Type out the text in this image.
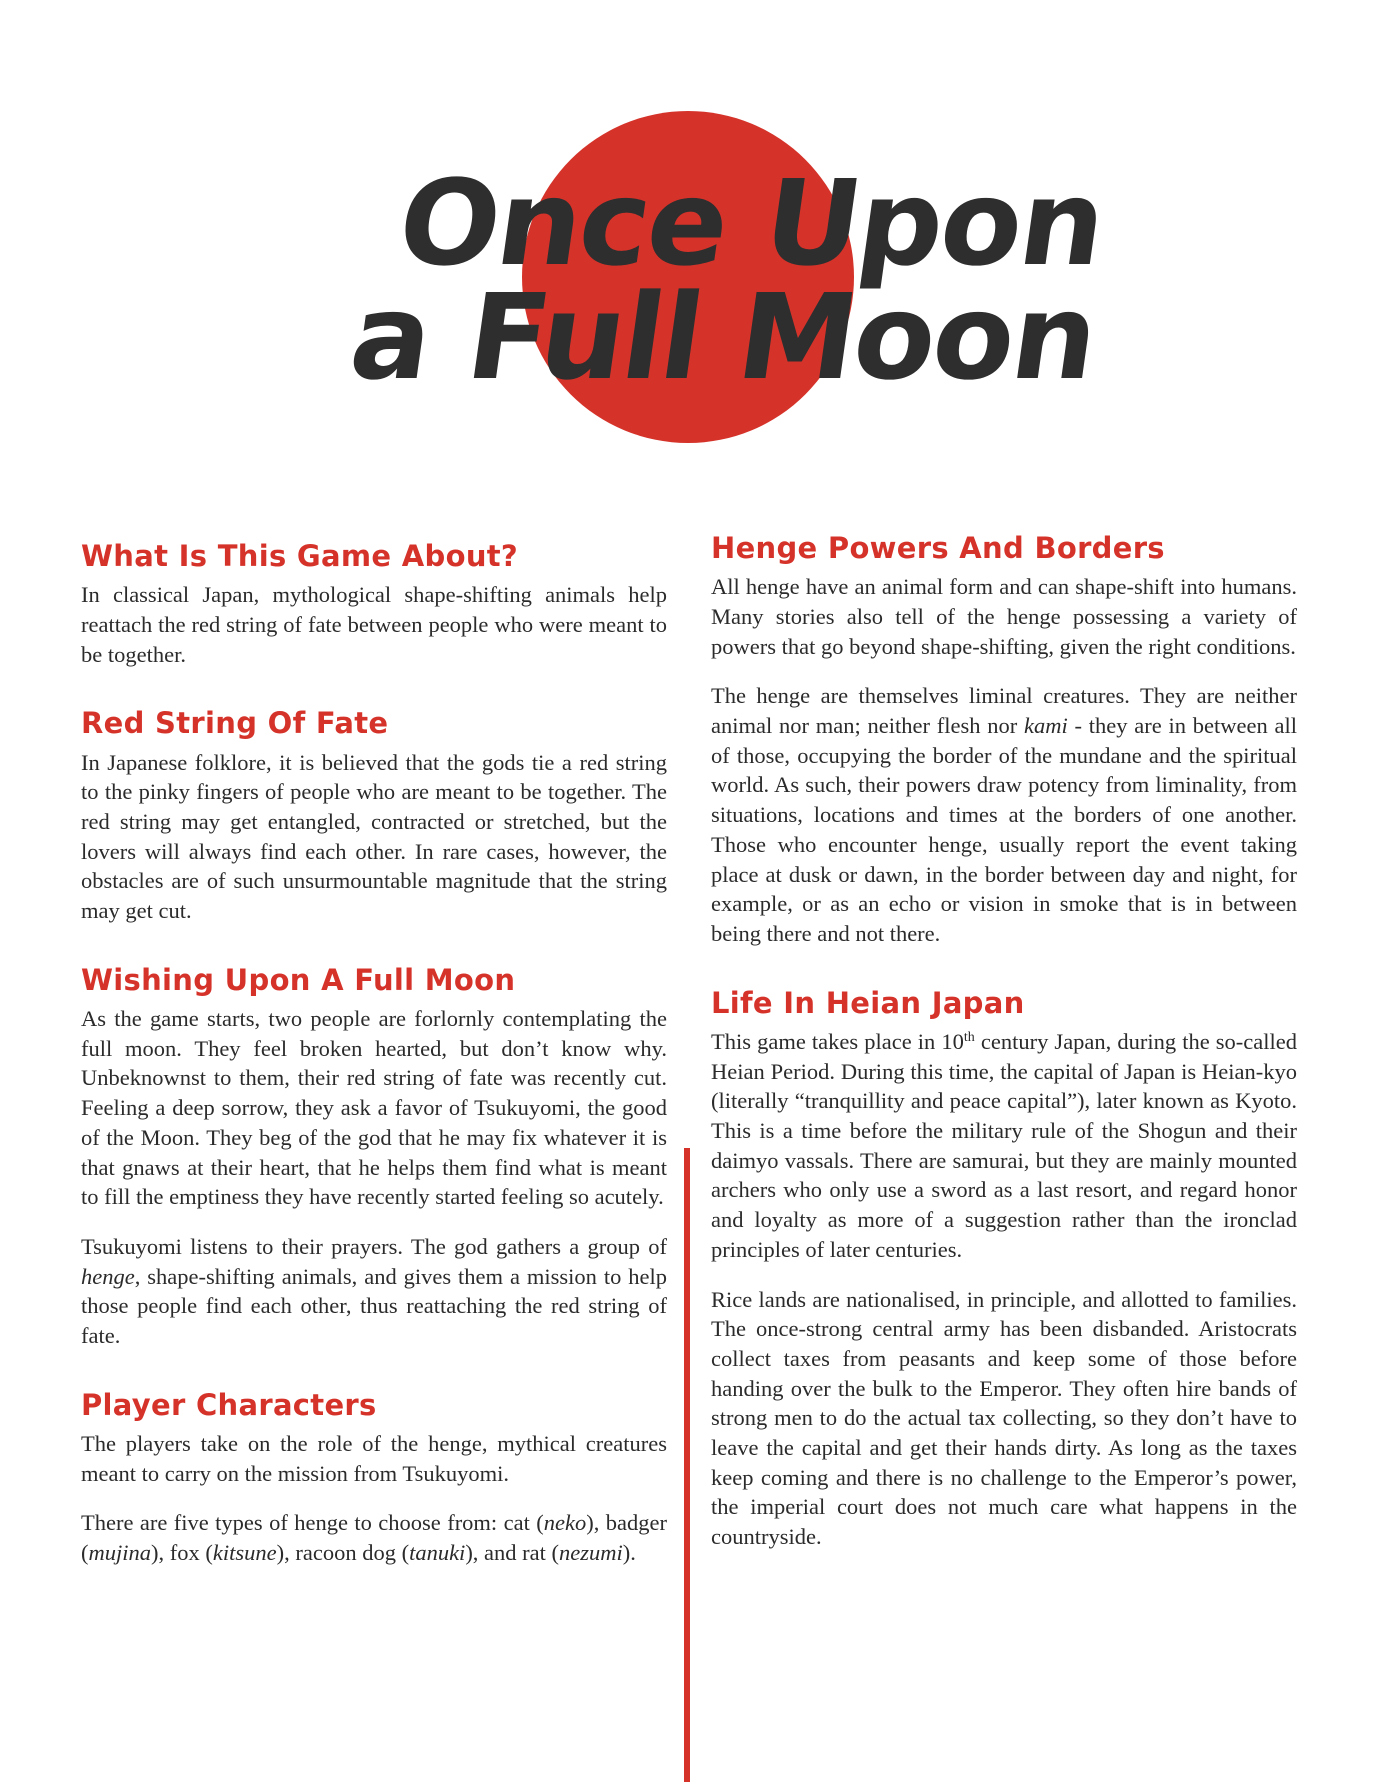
Once Upon
a Full Moon
What Is This Game About?

In classical Japan, mythological shape-shifting animals help reattach the red string of fate between people who were meant to be together.

Red String Of Fate

In Japanese folklore, it is believed that the gods tie a red string to the pinky fingers of people who are meant to be together. The red string may get entangled, contracted or stretched, but the lovers will always find each other. In rare cases, however, the obstacles are of such unsurmountable magnitude that the string may get cut.

Wishing Upon A Full Moon

As the game starts, two people are forlornly contemplating the full moon. They feel broken hearted, but don’t know why. Unbeknownst to them, their red string of fate was recently cut. Feeling a deep sorrow, they ask a favor of Tsukuyomi, the good of the Moon. They beg of the god that he may fix whatever it is that gnaws at their heart, that he helps them find what is meant to fill the emptiness they have recently started feeling so acutely.

Tsukuyomi listens to their prayers. The god gathers a group of henge, shape-shifting animals, and gives them a mission to help those people find each other, thus reattaching the red string of fate.

Player Characters

The players take on the role of the henge, mythical creatures meant to carry on the mission from Tsukuyomi.

There are five types of henge to choose from: cat (neko), badger (mujina), fox (kitsune), racoon dog (tanuki), and rat (nezumi).

Henge Powers And Borders

All henge have an animal form and can shape-shift into humans. Many stories also tell of the henge possessing a variety of powers that go beyond shape-shifting, given the right conditions.

The henge are themselves liminal creatures. They are neither animal nor man; neither flesh nor kami - they are in between all of those, occupying the border of the mundane and the spiritual world. As such, their powers draw potency from liminality, from situations, locations and times at the borders of one another. Those who encounter henge, usually report the event taking place at dusk or dawn, in the border between day and night, for example, or as an echo or vision in smoke that is in between being there and not there.

Life In Heian Japan

This game takes place in 10th century Japan, during the so-called Heian Period. During this time, the capital of Japan is Heian-kyo (literally “tranquillity and peace capital”), later known as Kyoto. This is a time before the military rule of the Shogun and their daimyo vassals. There are samurai, but they are mainly mounted archers who only use a sword as a last resort, and regard honor and loyalty as more of a suggestion rather than the ironclad principles of later centuries.

Rice lands are nationalised, in principle, and allotted to families. The once-strong central army has been disbanded. Aristocrats collect taxes from peasants and keep some of those before handing over the bulk to the Emperor. They often hire bands of strong men to do the actual tax collecting, so they don’t have to leave the capital and get their hands dirty. As long as the taxes keep coming and there is no challenge to the Emperor’s power, the imperial court does not much care what happens in the countryside.
